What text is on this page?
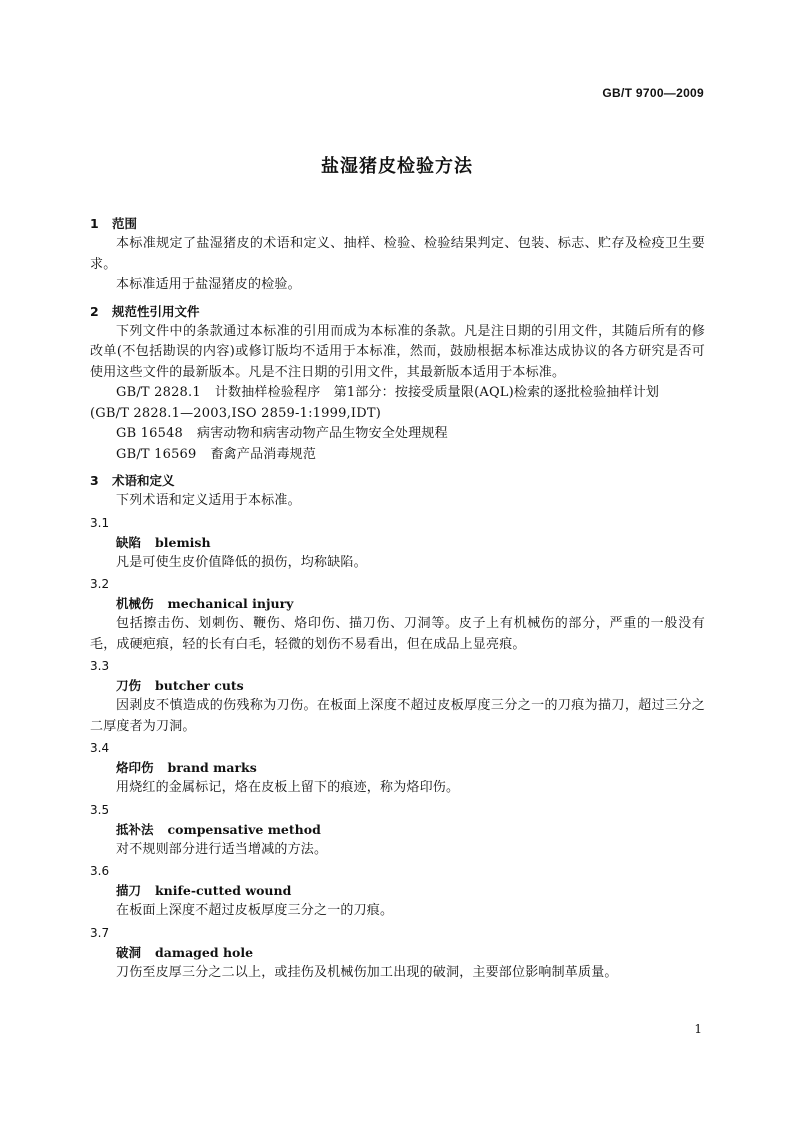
GB/T 9700—2009
盐湿猪皮检验方法
1 范围
本标准规定了盐湿猪皮的术语和定义、抽样、检验、检验结果判定、包装、标志、贮存及检疫卫生要求。
本标准适用于盐湿猪皮的检验。
2 规范性引用文件
下列文件中的条款通过本标准的引用而成为本标准的条款。凡是注日期的引用文件，其随后所有的修改单(不包括勘误的内容)或修订版均不适用于本标准，然而，鼓励根据本标准达成协议的各方研究是否可使用这些文件的最新版本。凡是不注日期的引用文件，其最新版本适用于本标准。
GB/T 2828.1 计数抽样检验程序　第1部分：按接受质量限(AQL)检索的逐批检验抽样计划
(GB/T 2828.1—2003,ISO 2859-1:1999,IDT)
GB 16548 病害动物和病害动物产品生物安全处理规程
GB/T 16569 畜禽产品消毒规范
3 术语和定义
下列术语和定义适用于本标准。
3.1
缺陷 blemish
凡是可使生皮价值降低的损伤，均称缺陷。
3.2
机械伤 mechanical injury
包括擦击伤、划刺伤、鞭伤、烙印伤、描刀伤、刀洞等。皮子上有机械伤的部分，严重的一般没有毛，成硬疤痕，轻的长有白毛，轻微的划伤不易看出，但在成品上显亮痕。
3.3
刀伤 butcher cuts
因剥皮不慎造成的伤残称为刀伤。在板面上深度不超过皮板厚度三分之一的刀痕为描刀，超过三分之二厚度者为刀洞。
3.4
烙印伤 brand marks
用烧红的金属标记，烙在皮板上留下的痕迹，称为烙印伤。
3.5
抵补法 compensative method
对不规则部分进行适当增减的方法。
3.6
描刀 knife-cutted wound
在板面上深度不超过皮板厚度三分之一的刀痕。
3.7
破洞 damaged hole
刀伤至皮厚三分之二以上，或挂伤及机械伤加工出现的破洞，主要部位影响制革质量。
1
